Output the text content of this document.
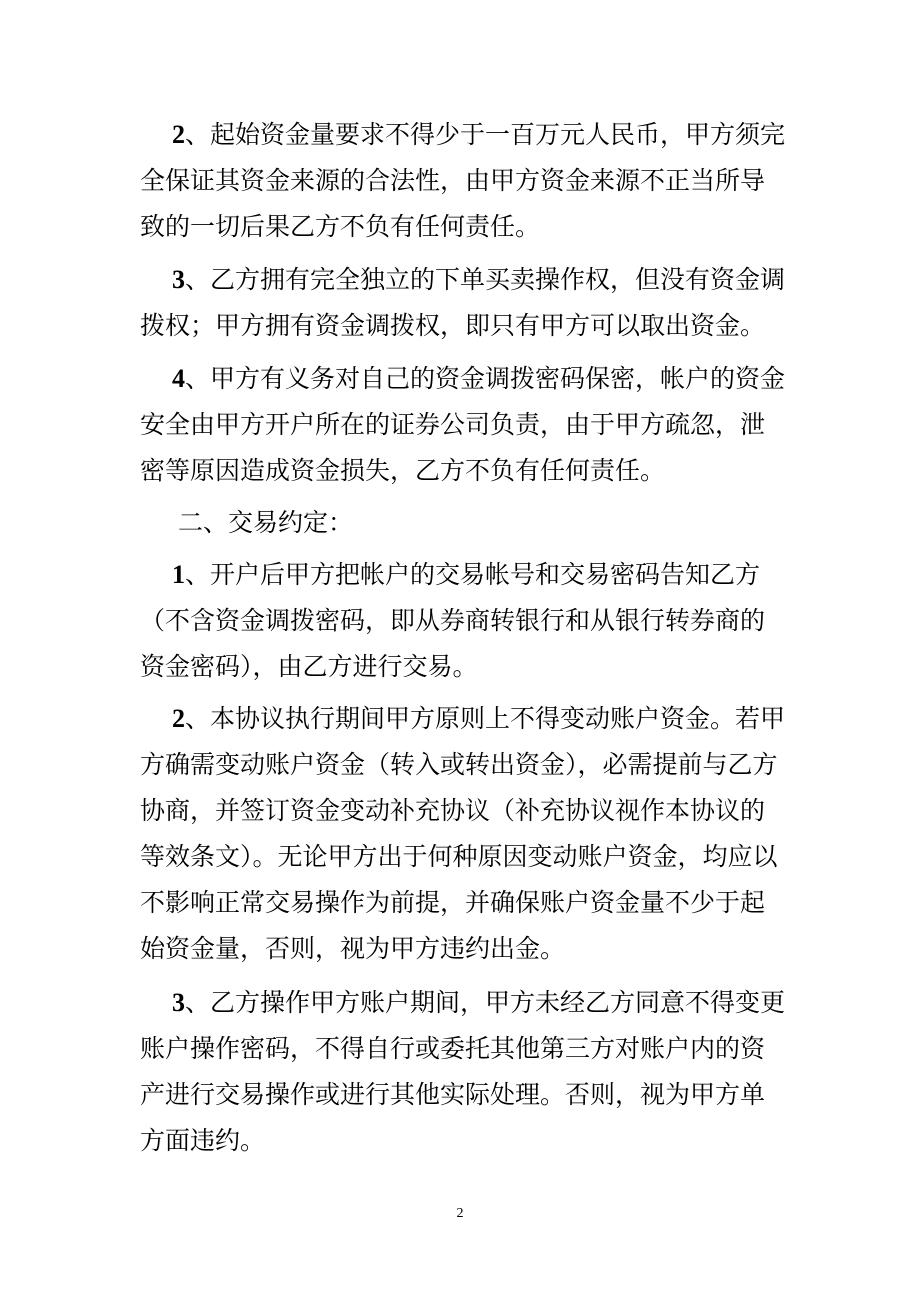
2、起始资金量要求不得少于一百万元人民币，甲方须完
全保证其资金来源的合法性，由甲方资金来源不正当所导
致的一切后果乙方不负有任何责任。
3、乙方拥有完全独立的下单买卖操作权，但没有资金调
拨权；甲方拥有资金调拨权，即只有甲方可以取出资金。
4、甲方有义务对自己的资金调拨密码保密，帐户的资金
安全由甲方开户所在的证券公司负责，由于甲方疏忽，泄
密等原因造成资金损失，乙方不负有任何责任。
二、交易约定：
1、开户后甲方把帐户的交易帐号和交易密码告知乙方
（不含资金调拨密码，即从券商转银行和从银行转券商的
资金密码），由乙方进行交易。
2、本协议执行期间甲方原则上不得变动账户资金。若甲
方确需变动账户资金（转入或转出资金），必需提前与乙方
协商，并签订资金变动补充协议（补充协议视作本协议的
等效条文）。无论甲方出于何种原因变动账户资金，均应以
不影响正常交易操作为前提，并确保账户资金量不少于起
始资金量，否则，视为甲方违约出金。
3、乙方操作甲方账户期间，甲方未经乙方同意不得变更
账户操作密码，不得自行或委托其他第三方对账户内的资
产进行交易操作或进行其他实际处理。否则，视为甲方单
方面违约。
2
